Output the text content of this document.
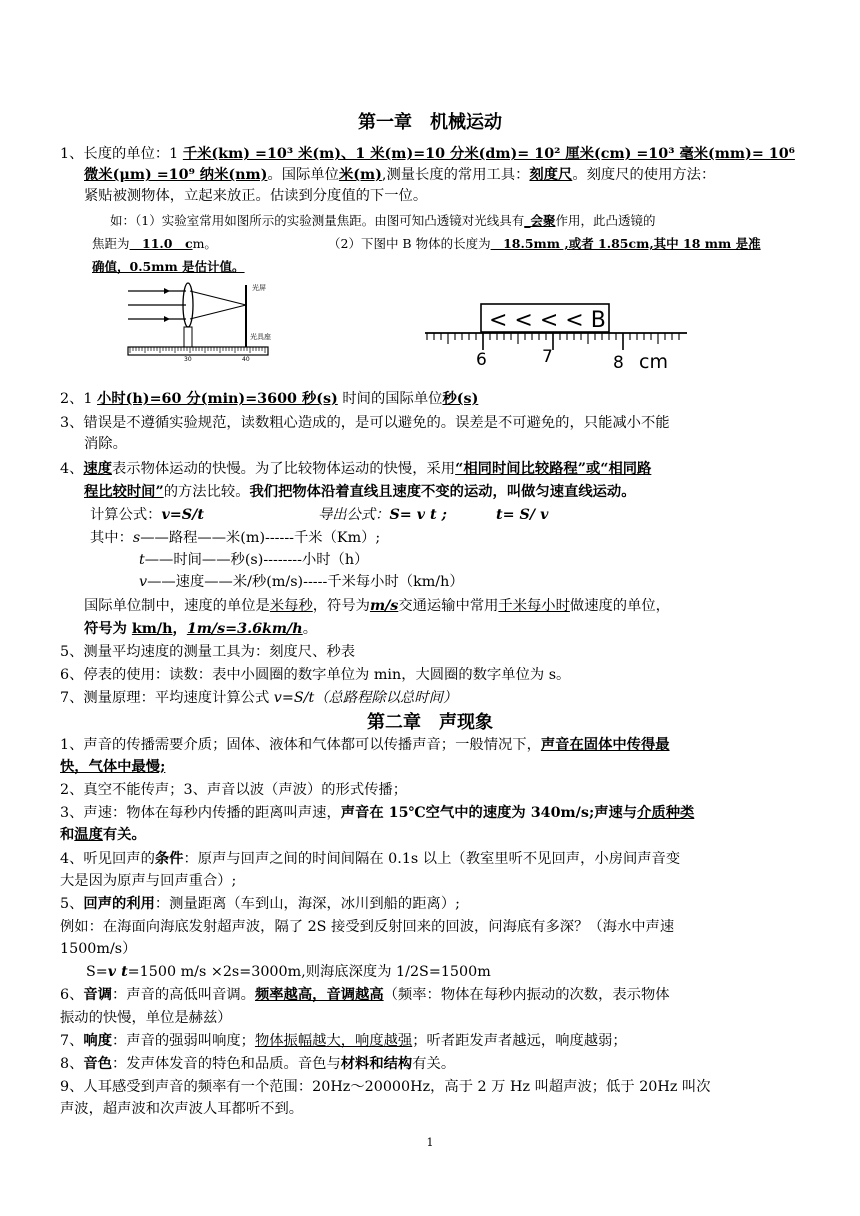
第一章　机械运动
1、长度的单位：1 千米(km) =10³ 米(m)、1 米(m)=10 分米(dm)= 10² 厘米(cm) =10³ 毫米(mm)= 10⁶
微米(μm) =10⁹ 纳米(nm)。国际单位米(m),测量长度的常用工具：刻度尺。刻度尺的使用方法：
紧贴被测物体，立起来放正。估读到分度值的下一位。
如：（1）实验室常用如图所示的实验测量焦距。由图可知凸透镜对光线具有_会聚作用，此凸透镜的
焦距为　11.0　cm。	（2）下图中 B 物体的长度为　18.5mm ,或者 1.85cm,其中 18 mm 是准
确值，0.5mm 是估计值。
光屏
光具座
30	40
< < < < B
6	7	8 cm
2、1 小时(h)=60 分(min)=3600 秒(s) 时间的国际单位秒(s)
3、错误是不遵循实验规范，读数粗心造成的，是可以避免的。误差是不可避免的，只能减小不能
消除。
4、速度表示物体运动的快慢。为了比较物体运动的快慢，采用“相同时间比较路程”或“相同路
程比较时间”的方法比较。我们把物体沿着直线且速度不变的运动，叫做匀速直线运动。
计算公式：v=S/t	导出公式：S= v t ;	t= S/ v
其中：s——路程——米(m)------千米（Km）;
t——时间——秒(s)--------小时（h）
v——速度——米/秒(m/s)-----千米每小时（km/h）
国际单位制中，速度的单位是米每秒，符号为m/s交通运输中常用千米每小时做速度的单位，
符号为 km/h，1m/s=3.6km/h。
5、测量平均速度的测量工具为：刻度尺、秒表
6、停表的使用：读数：表中小圆圈的数字单位为 min，大圆圈的数字单位为 s。
7、测量原理：平均速度计算公式 v=S/t（总路程除以总时间）
第二章　声现象
1、声音的传播需要介质；固体、液体和气体都可以传播声音；一般情况下，声音在固体中传得最
快，气体中最慢;
2、真空不能传声；3、声音以波（声波）的形式传播；
3、声速：物体在每秒内传播的距离叫声速，声音在 15℃空气中的速度为 340m/s;声速与介质种类
和温度有关。
4、听见回声的条件：原声与回声之间的时间间隔在 0.1s 以上（教室里听不见回声，小房间声音变
大是因为原声与回声重合）;
5、回声的利用：测量距离（车到山，海深，冰川到船的距离）;
例如：在海面向海底发射超声波，隔了 2S 接受到反射回来的回波，问海底有多深？（海水中声速
1500m/s）
S=v t=1500 m/s ×2s=3000m,则海底深度为 1/2S=1500m
6、音调：声音的高低叫音调。频率越高，音调越高（频率：物体在每秒内振动的次数，表示物体
振动的快慢，单位是赫兹）
7、响度：声音的强弱叫响度；物体振幅越大，响度越强；听者距发声者越远，响度越弱；
8、音色：发声体发音的特色和品质。音色与材料和结构有关。
9、人耳感受到声音的频率有一个范围：20Hz～20000Hz，高于 2 万 Hz 叫超声波；低于 20Hz 叫次
声波，超声波和次声波人耳都听不到。
1
